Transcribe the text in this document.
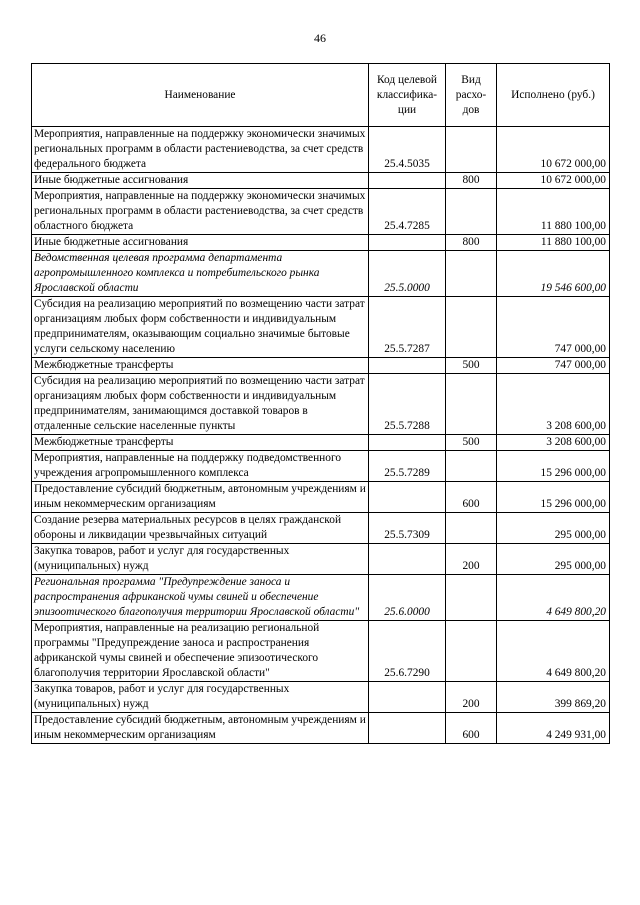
46
Наименование	Код целевой классифика-ции	Вид расхо-дов	Исполнено (руб.)
Мероприятия, направленные на поддержку экономически значимых региональных программ в области растениеводства, за счет средств федерального бюджета	25.4.5035		10 672 000,00
Иные бюджетные ассигнования		800	10 672 000,00
Мероприятия, направленные на поддержку экономически значимых региональных программ в области растениеводства, за счет средств областного бюджета	25.4.7285		11 880 100,00
Иные бюджетные ассигнования		800	11 880 100,00
Ведомственная целевая программа департамента агропромышленного комплекса и потребительского рынка Ярославской области	25.5.0000		19 546 600,00
Субсидия на реализацию мероприятий по возмещению части затрат организациям любых форм собственности и индивидуальным предпринимателям, оказывающим социально значимые бытовые услуги сельскому населению	25.5.7287		747 000,00
Межбюджетные трансферты		500	747 000,00
Субсидия на реализацию мероприятий по возмещению части затрат организациям любых форм собственности и индивидуальным предпринимателям, занимающимся доставкой товаров в отдаленные сельские населенные пункты	25.5.7288		3 208 600,00
Межбюджетные трансферты		500	3 208 600,00
Мероприятия, направленные на поддержку подведомственного учреждения агропромышленного комплекса	25.5.7289		15 296 000,00
Предоставление субсидий бюджетным, автономным учреждениям и иным некоммерческим организациям		600	15 296 000,00
Создание резерва материальных ресурсов в целях гражданской обороны и ликвидации чрезвычайных ситуаций	25.5.7309		295 000,00
Закупка товаров, работ и услуг для государственных (муниципальных) нужд		200	295 000,00
Региональная программа "Предупреждение заноса и распространения африканской чумы свиней и обеспечение эпизоотического благополучия территории Ярославской области"	25.6.0000		4 649 800,20
Мероприятия, направленные на реализацию региональной программы "Предупреждение заноса и распространения африканской чумы свиней и обеспечение эпизоотического благополучия территории Ярославской области"	25.6.7290		4 649 800,20
Закупка товаров, работ и услуг для государственных (муниципальных) нужд		200	399 869,20
Предоставление субсидий бюджетным, автономным учреждениям и иным некоммерческим организациям		600	4 249 931,00
